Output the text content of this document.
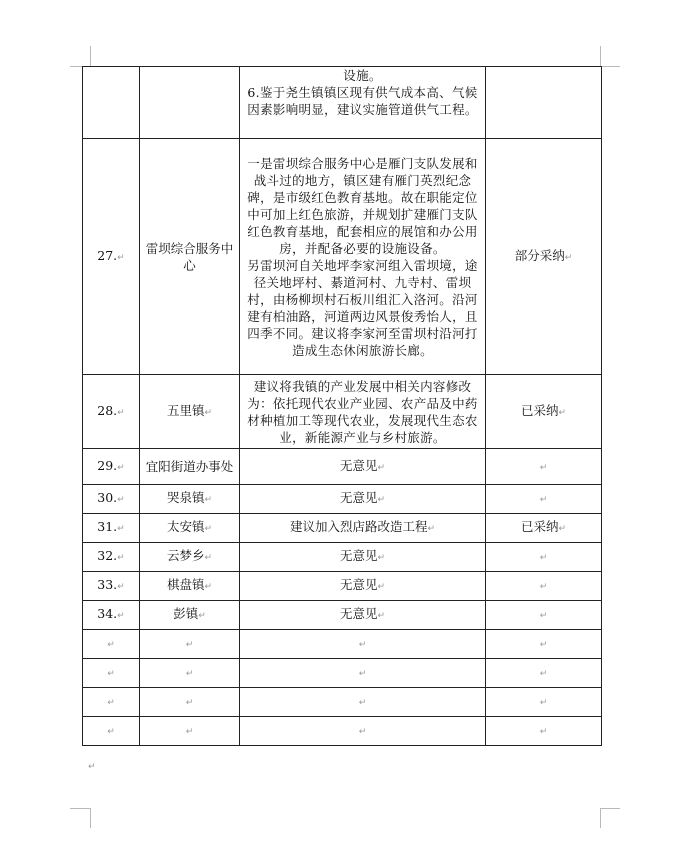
		设施。
6.鉴于尧生镇镇区现有供气成本高、气候因素影响明显，建议实施管道供气工程。	

27.↵	雷坝综合服务中心	一是雷坝综合服务中心是雁门支队发展和战斗过的地方，镇区建有雁门英烈纪念碑，是市级红色教育基地。故在职能定位中可加上红色旅游，并规划扩建雁门支队红色教育基地，配套相应的展馆和办公用房，并配备必要的设施设备。
另雷坝河自关地坪李家河组入雷坝境，途径关地坪村、綦道河村、九寺村、雷坝村，由杨柳坝村石板川组汇入洛河。沿河建有柏油路，河道两边风景俊秀怡人，且四季不同。建议将李家河至雷坝村沿河打造成生态休闲旅游长廊。	部分采纳↵
28.↵	五里镇↵	建议将我镇的产业发展中相关内容修改为：依托现代农业产业园、农产品及中药材种植加工等现代农业，发展现代生态农业，新能源产业与乡村旅游。	已采纳↵
29.↵	宜阳街道办事处	无意见↵	↵
30.↵	哭泉镇↵	无意见↵	↵
31.↵	太安镇↵	建议加入烈店路改造工程↵	已采纳↵
32.↵	云梦乡↵	无意见↵	↵
33.↵	棋盘镇↵	无意见↵	↵
34.↵	彭镇↵	无意见↵	↵
↵	↵	↵	↵
↵	↵	↵	↵
↵	↵	↵	↵
↵	↵	↵	↵
↵
